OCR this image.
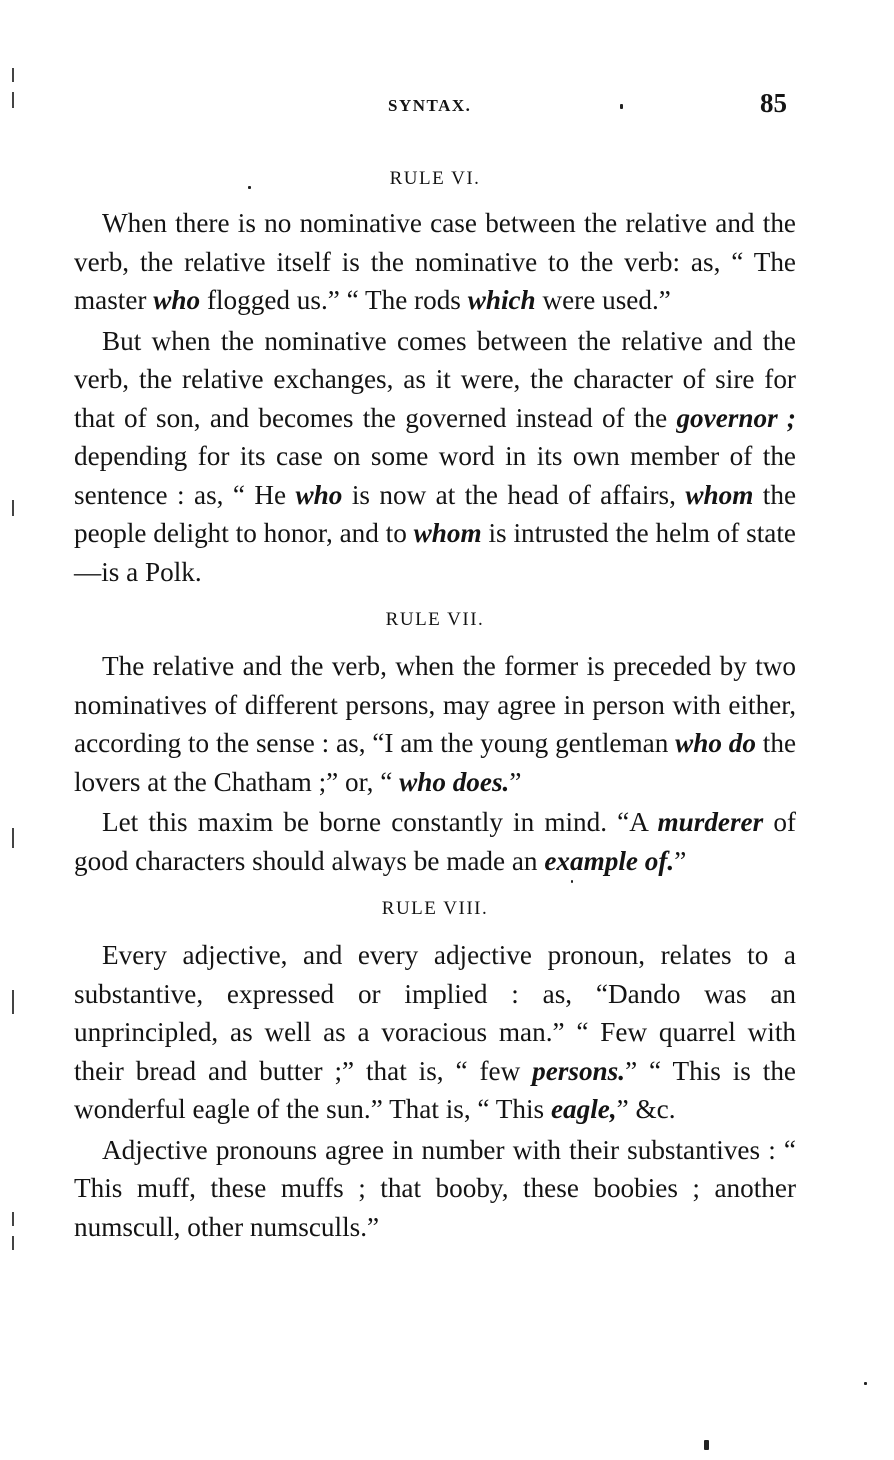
SYNTAX.	85
RULE VI.

When there is no nominative case between the relative and the verb, the relative itself is the nominative to the verb: as, “ The master who flogged us.” “ The rods which were used.”

But when the nominative comes between the relative and the verb, the relative exchanges, as it were, the character of sire for that of son, and becomes the governed instead of the governor ; depending for its case on some word in its own member of the sentence : as, “ He who is now at the head of affairs, whom the people delight to honor, and to whom is intrusted the helm of state—is a Polk.

RULE VII.

The relative and the verb, when the former is preceded by two nominatives of different persons, may agree in person with either, according to the sense : as, “I am the young gentleman who do the lovers at the Chatham ;” or, “ who does.”

Let this maxim be borne constantly in mind. “A murderer of good characters should always be made an example of.”

RULE VIII.

Every adjective, and every adjective pronoun, relates to a substantive, expressed or implied : as, “Dando was an unprincipled, as well as a voracious man.” “ Few quarrel with their bread and butter ;” that is, “ few persons.” “ This is the wonderful eagle of the sun.” That is, “ This eagle,” &c.

Adjective pronouns agree in number with their substantives : “ This muff, these muffs ; that booby, these boobies ; another numscull, other numsculls.”
